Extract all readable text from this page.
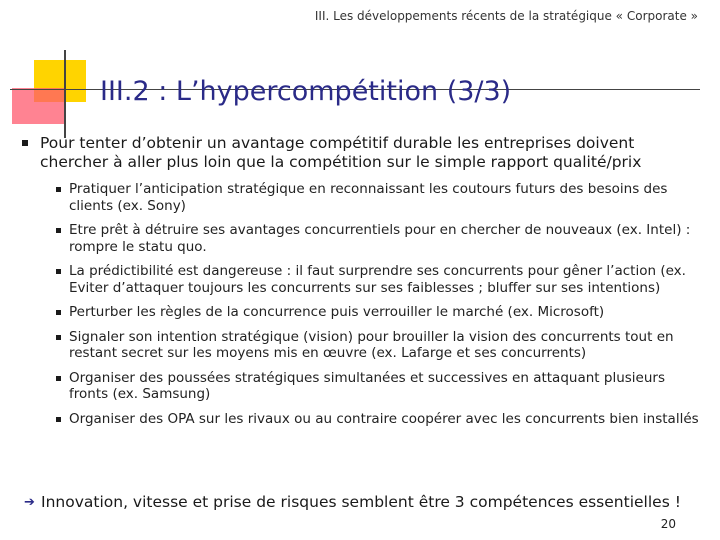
III. Les développements récents de la stratégique « Corporate »
III.2 : L’hypercompétition (3/3)
Pour tenter d’obtenir un avantage compétitif durable les entreprises doivent chercher à aller plus loin que la compétition sur le simple rapport qualité/prix
Pratiquer l’anticipation stratégique en reconnaissant les coutours futurs des besoins des clients (ex. Sony)
Etre prêt à détruire ses avantages concurrentiels pour en chercher de nouveaux (ex. Intel) : rompre le statu quo.
La prédictibilité est dangereuse : il faut surprendre ses concurrents pour gêner l’action (ex. Eviter d’attaquer toujours les concurrents sur ses faiblesses ; bluffer sur ses intentions)
Perturber les règles de la concurrence puis verrouiller le marché (ex. Microsoft)
Signaler son intention stratégique (vision) pour brouiller la vision des concurrents tout en restant secret sur les moyens mis en œuvre (ex. Lafarge et ses concurrents)
Organiser des poussées stratégiques simultanées et successives en attaquant plusieurs fronts (ex. Samsung)
Organiser des OPA sur les rivaux ou au contraire coopérer avec les concurrents bien installés
➔ Innovation, vitesse et prise de risques semblent être 3 compétences essentielles !
20
